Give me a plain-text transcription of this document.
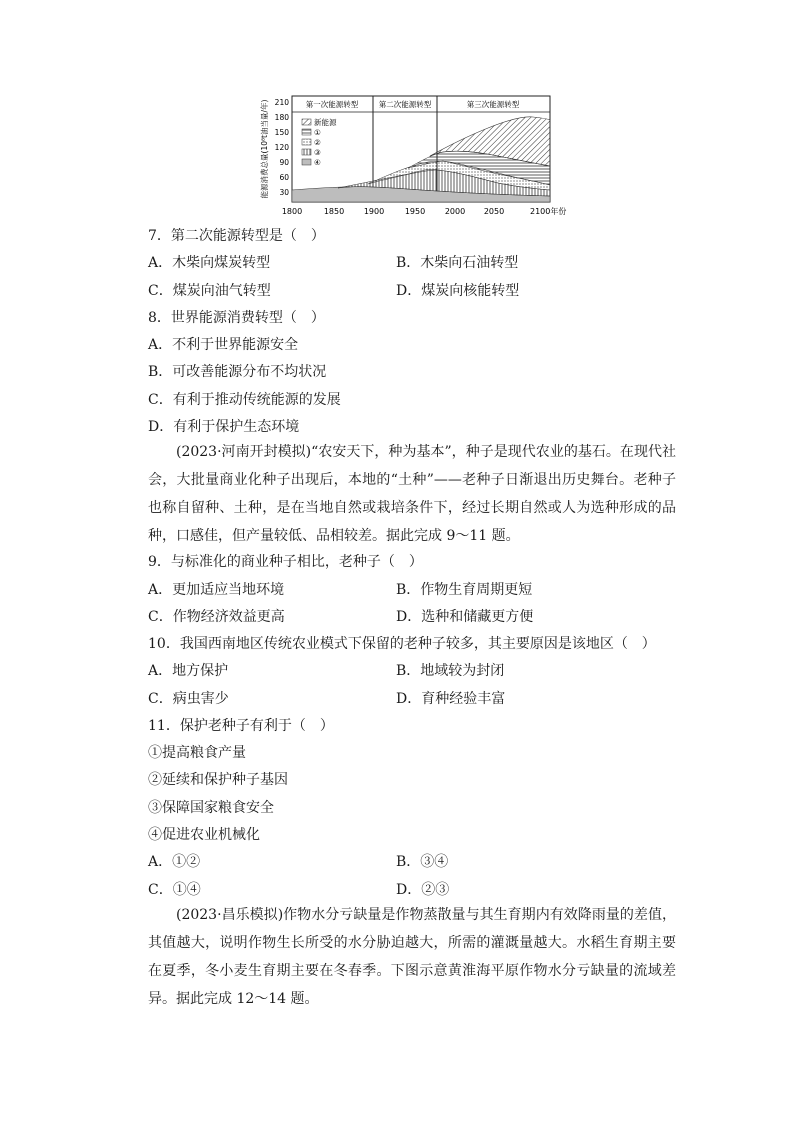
第一次能源转型	第二次能源转型	第三次能源转型
新能源
①
②
③
④
210
180
150
120
90
60
30
能源消费总量(10⁸t油当量/年)
1800	1850 1900	1950 2000 2050	2100年份
7．第二次能源转型是（　）
A．木柴向煤炭转型	B．木柴向石油转型
C．煤炭向油气转型	D．煤炭向核能转型
8．世界能源消费转型（　）
A．不利于世界能源安全
B．可改善能源分布不均状况
C．有利于推动传统能源的发展
D．有利于保护生态环境
(2023·河南开封模拟)“农安天下，种为基本”，种子是现代农业的基石。在现代社会，大批量商业化种子出现后，本地的“土种”——老种子日渐退出历史舞台。老种子也称自留种、土种，是在当地自然或栽培条件下，经过长期自然或人为选种形成的品种，口感佳，但产量较低、品相较差。据此完成 9～11 题。
9．与标准化的商业种子相比，老种子（　）
A．更加适应当地环境	B．作物生育周期更短
C．作物经济效益更高	D．选种和储藏更方便
10．我国西南地区传统农业模式下保留的老种子较多，其主要原因是该地区（　）
A．地方保护	B．地域较为封闭
C．病虫害少	D．育种经验丰富
11．保护老种子有利于（　）
①提高粮食产量
②延续和保护种子基因
③保障国家粮食安全
④促进农业机械化
A．①②	B．③④
C．①④	D．②③
(2023·昌乐模拟)作物水分亏缺量是作物蒸散量与其生育期内有效降雨量的差值，其值越大，说明作物生长所受的水分胁迫越大，所需的灌溉量越大。水稻生育期主要在夏季，冬小麦生育期主要在冬春季。下图示意黄淮海平原作物水分亏缺量的流域差异。据此完成 12～14 题。
